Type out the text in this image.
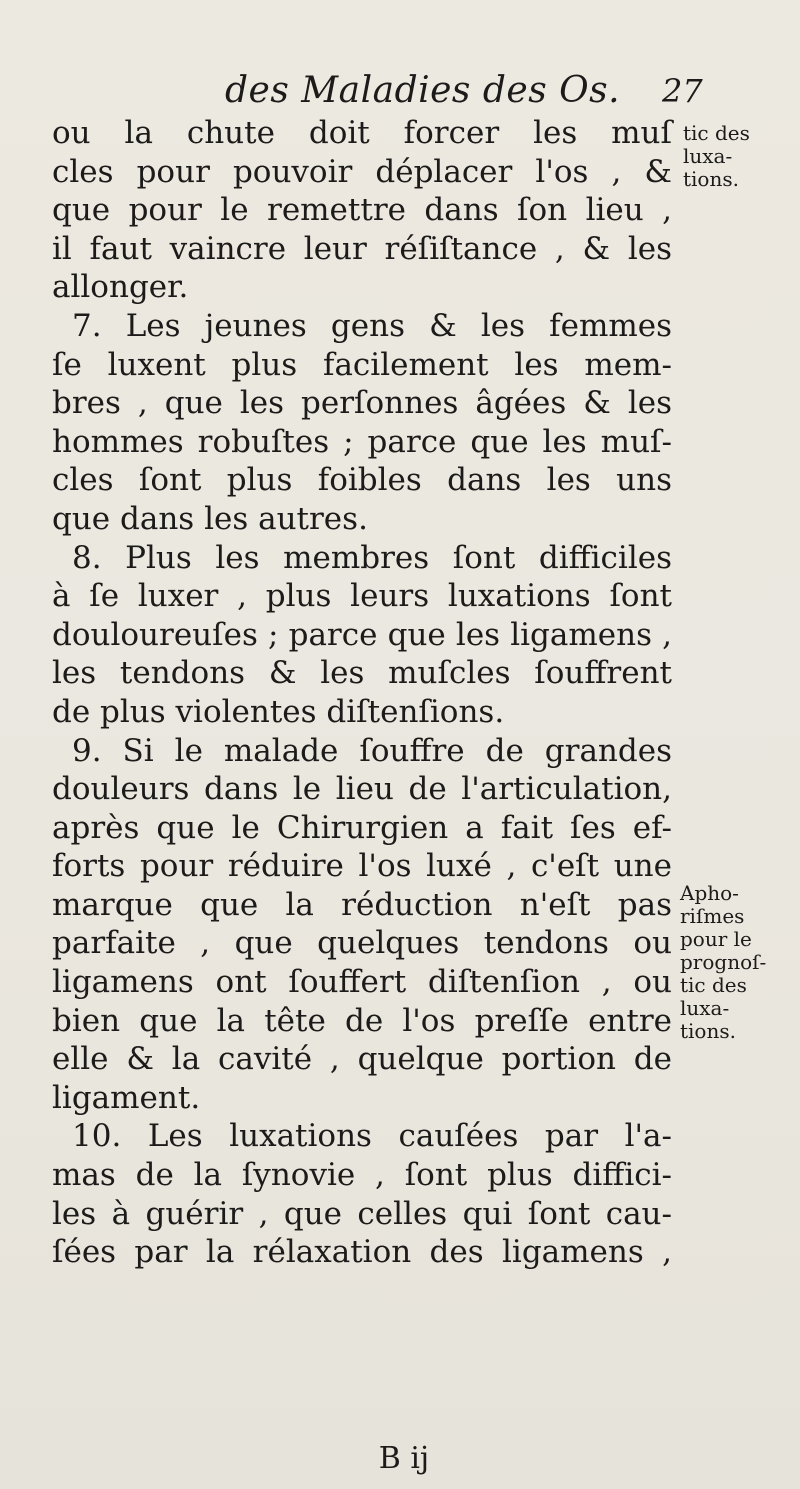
des Maladies des Os. 27
ou la chute doit forcer les muſ
cles pour pouvoir déplacer l'os , &
que pour le remettre dans ſon lieu ,
il faut vaincre leur réſiſtance , & les
allonger.
7. Les jeunes gens & les femmes
ſe luxent plus facilement les mem-
bres , que les perſonnes âgées & les
hommes robuſtes ; parce que les muſ-
cles ſont plus foibles dans les uns
que dans les autres.
8. Plus les membres ſont difficiles
à ſe luxer , plus leurs luxations ſont
douloureuſes ; parce que les ligamens ,
les tendons & les muſcles ſouffrent
de plus violentes diſtenſions.
9. Si le malade ſouffre de grandes
douleurs dans le lieu de l'articulation,
après que le Chirurgien a fait ſes ef-
forts pour réduire l'os luxé , c'eſt une
marque que la réduction n'eſt pas
parfaite , que quelques tendons ou
ligamens ont ſouffert diſtenſion , ou
bien que la tête de l'os preſſe entre
elle & la cavité , quelque portion de
ligament.
10. Les luxations cauſées par l'a-
mas de la ſynovie , ſont plus diffici-
les à guérir , que celles qui ſont cau-
ſées par la rélaxation des ligamens ,
tic des
luxa-
tions.
Apho-
riſmes
pour le
prognoſ-
tic des
luxa-
tions.
B ij
